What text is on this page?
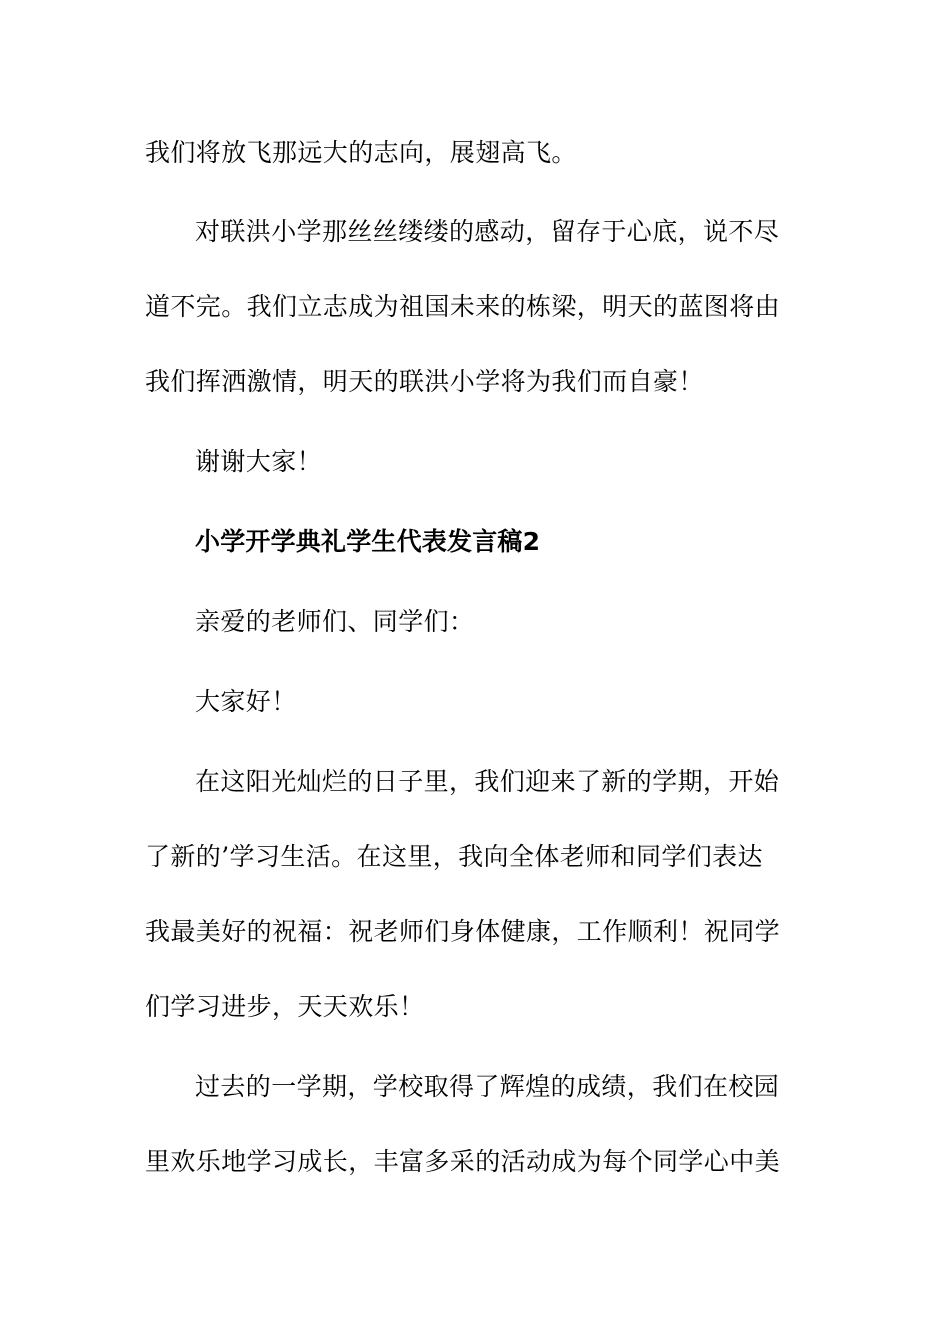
我们将放飞那远大的志向，展翅高飞。
对联洪小学那丝丝缕缕的感动，留存于心底，说不尽
道不完。我们立志成为祖国未来的栋梁，明天的蓝图将由
我们挥洒激情，明天的联洪小学将为我们而自豪！
谢谢大家！
小学开学典礼学生代表发言稿2
亲爱的老师们、同学们：
大家好！
在这阳光灿烂的日子里，我们迎来了新的学期，开始
了新的’学习生活。在这里，我向全体老师和同学们表达
我最美好的祝福：祝老师们身体健康，工作顺利！祝同学
们学习进步，天天欢乐！
过去的一学期，学校取得了辉煌的成绩，我们在校园
里欢乐地学习成长，丰富多采的活动成为每个同学心中美
